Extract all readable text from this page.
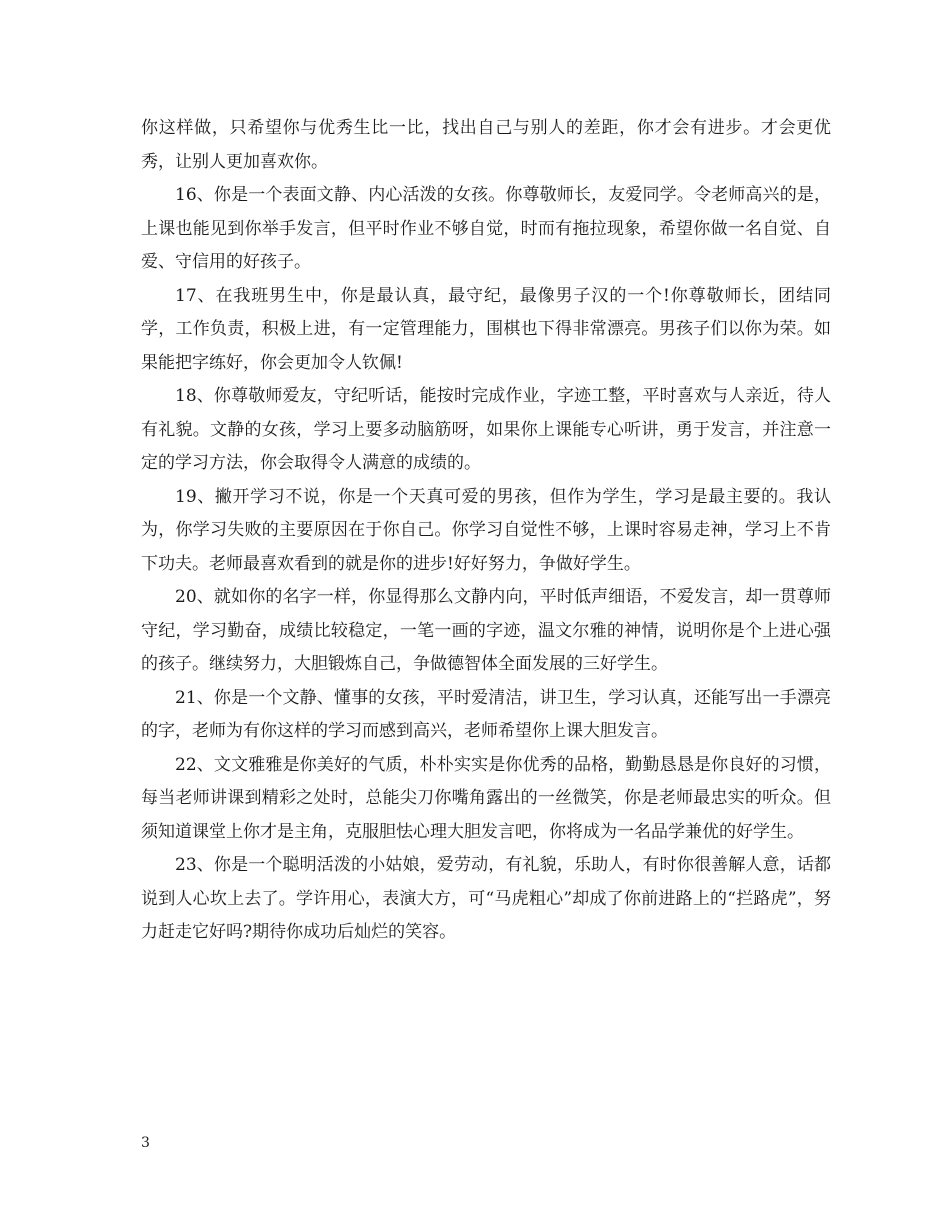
你这样做，只希望你与优秀生比一比，找出自己与别人的差距，你才会有进步。才会更优秀，让别人更加喜欢你。

16、你是一个表面文静、内心活泼的女孩。你尊敬师长，友爱同学。令老师高兴的是，上课也能见到你举手发言，但平时作业不够自觉，时而有拖拉现象，希望你做一名自觉、自爱、守信用的好孩子。

17、在我班男生中，你是最认真，最守纪，最像男子汉的一个!你尊敬师长，团结同学，工作负责，积极上进，有一定管理能力，围棋也下得非常漂亮。男孩子们以你为荣。如果能把字练好，你会更加令人钦佩!

18、你尊敬师爱友，守纪听话，能按时完成作业，字迹工整，平时喜欢与人亲近，待人有礼貌。文静的女孩，学习上要多动脑筋呀，如果你上课能专心听讲，勇于发言，并注意一定的学习方法，你会取得令人满意的成绩的。

19、撇开学习不说，你是一个天真可爱的男孩，但作为学生，学习是最主要的。我认为，你学习失败的主要原因在于你自己。你学习自觉性不够，上课时容易走神，学习上不肯下功夫。老师最喜欢看到的就是你的进步!好好努力，争做好学生。

20、就如你的名字一样，你显得那么文静内向，平时低声细语，不爱发言，却一贯尊师守纪，学习勤奋，成绩比较稳定，一笔一画的字迹，温文尔雅的神情，说明你是个上进心强的孩子。继续努力，大胆锻炼自己，争做德智体全面发展的三好学生。

21、你是一个文静、懂事的女孩，平时爱清洁，讲卫生，学习认真，还能写出一手漂亮的字，老师为有你这样的学习而感到高兴，老师希望你上课大胆发言。

22、文文雅雅是你美好的气质，朴朴实实是你优秀的品格，勤勤恳恳是你良好的习惯，每当老师讲课到精彩之处时，总能尖刀你嘴角露出的一丝微笑，你是老师最忠实的听众。但须知道课堂上你才是主角，克服胆怯心理大胆发言吧，你将成为一名品学兼优的好学生。

23、你是一个聪明活泼的小姑娘，爱劳动，有礼貌，乐助人，有时你很善解人意，话都说到人心坎上去了。学许用心，表演大方，可“马虎粗心”却成了你前进路上的“拦路虎”，努力赶走它好吗?期待你成功后灿烂的笑容。

3
